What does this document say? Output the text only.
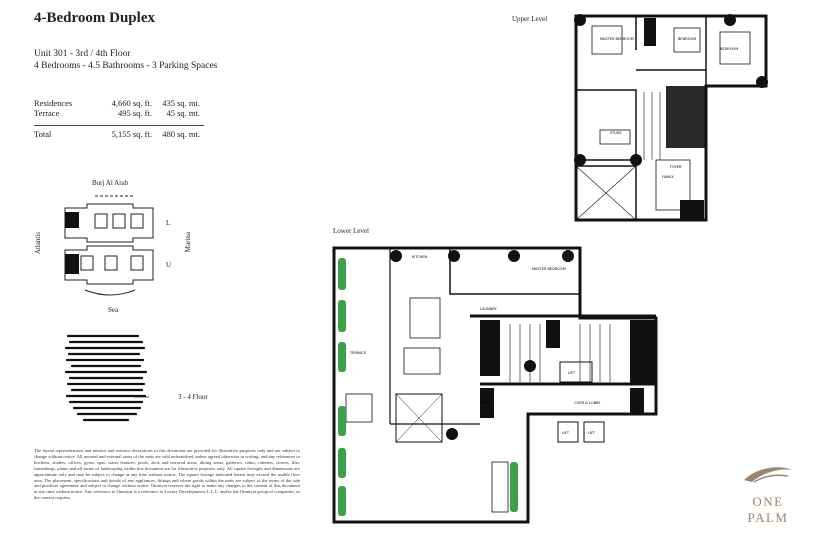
4-Bedroom Duplex
Unit 301 - 3rd / 4th Floor
4 Bedrooms - 4.5 Bathrooms - 3 Parking Spaces
Residences	4,660 sq. ft.	435 sq. mt.
Terrace	495 sq. ft.	45 sq. mt.
Total	5,155 sq. ft.	480 sq. mt.
Burj Al Arab
Atlantis	Marina
Sea
L
U
3 - 4 Floor
The layout representations and interior and exterior decorations in this document are provided for illustrative purposes only and are subject to change without notice. All internal and external areas of the units are sold unfurnished, unless agreed otherwise in writing, and any references to kitchens, studies, offices, gyms, spas, water features, pools, deck and terraced areas, dining areas, galleries, cabin, cabinets, closets, lifts, furnishings, plants and all forms of landscaping within this document are for illustrative purposes only. All square footages and dimensions are approximate only and may be subject to change at any time without notice. The square footage indicated herein may exceed the usable floor area. The placement, specifications and details of any appliances, fittings and where goods within the units are subject to the terms of the sale and purchase agreement and subject to change without notice. Omniyat reserves the right to make any changes to the content of this document at any time without notice. Any reference to Omniyat is a reference to Luxury Developments L.L.C. and/or the Omniyat group of companies, as the context requires.
Upper Level
Lower Level
MASTER BEDROOM	BEDROOM
BEDROOM
STUDY
FAMILY
FOYER
TERRACE
KITCHEN
MASTER BEDROOM
LAUNDRY
LIFT
LIFT	LIFT
FOYER	CORR & LOBBY
ONE
PALM
